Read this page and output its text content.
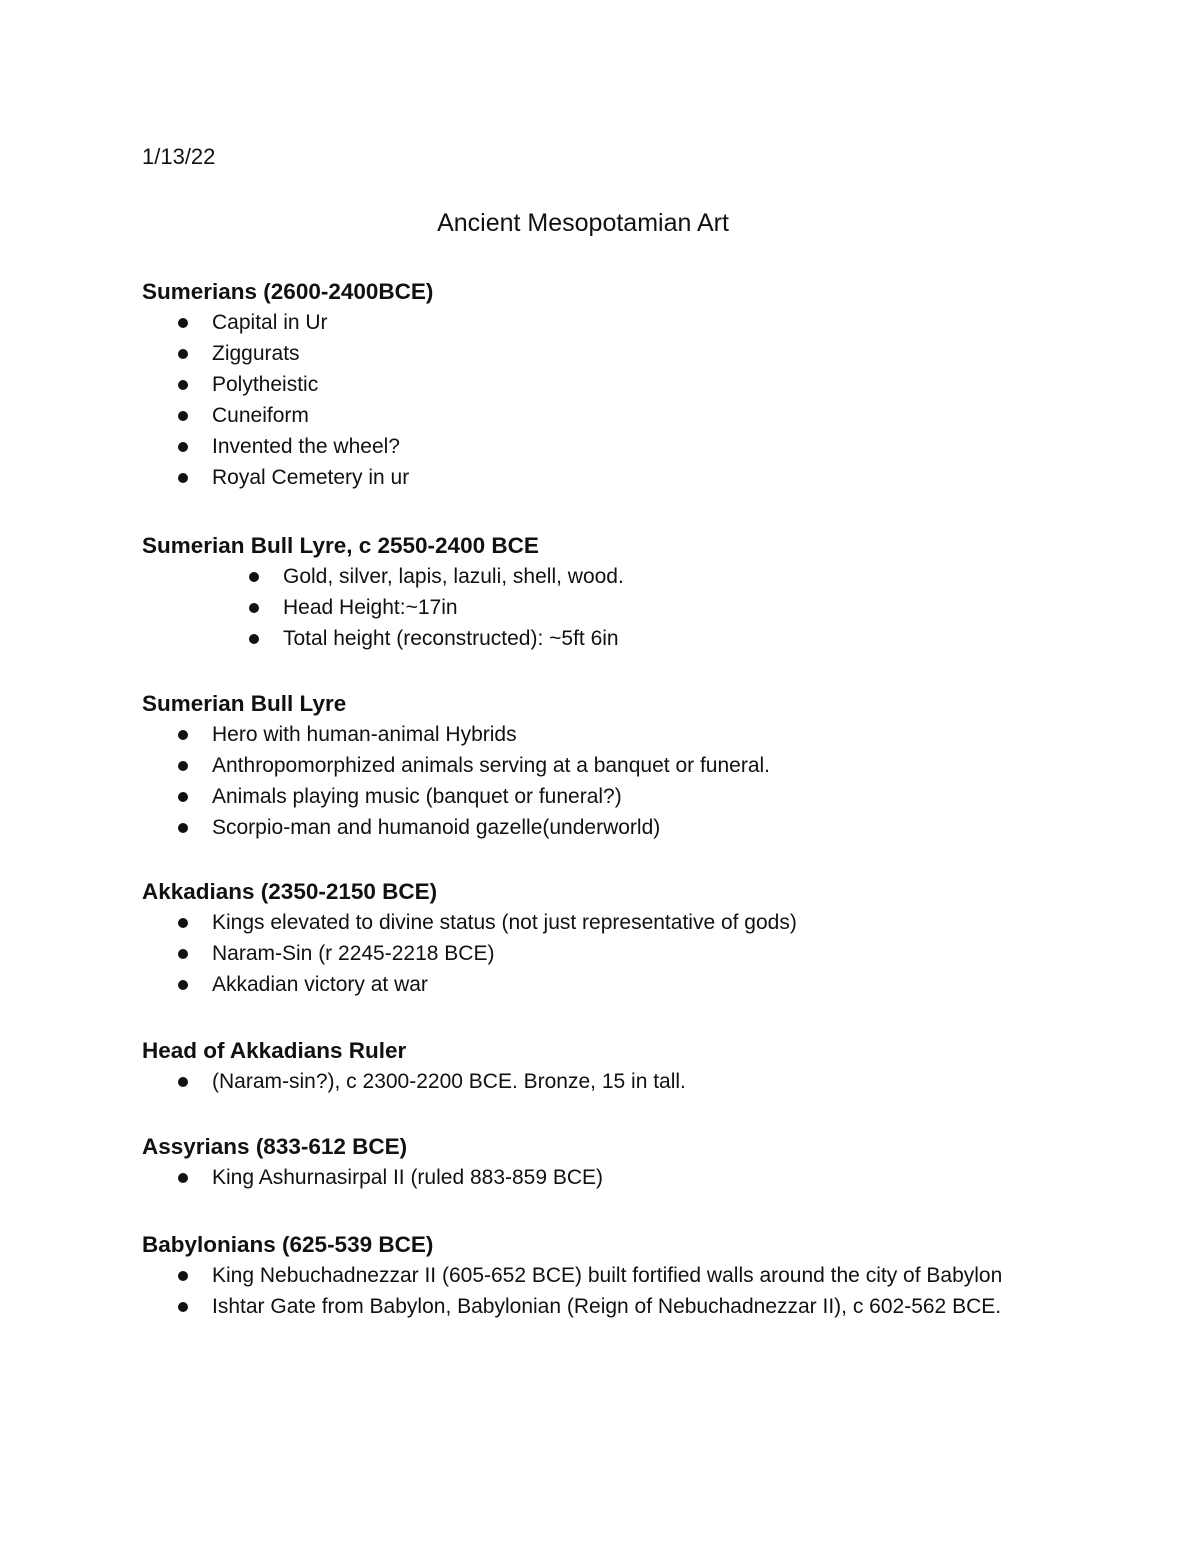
1/13/22
Ancient Mesopotamian Art

Sumerians (2600-2400BCE)

Capital in Ur
Ziggurats
Polytheistic
Cuneiform
Invented the wheel?
Royal Cemetery in ur

Sumerian Bull Lyre, c 2550-2400 BCE

Gold, silver, lapis, lazuli, shell, wood.
Head Height:~17in
Total height (reconstructed): ~5ft 6in

Sumerian Bull Lyre

Hero with human-animal Hybrids
Anthropomorphized animals serving at a banquet or funeral.
Animals playing music (banquet or funeral?)
Scorpio-man and humanoid gazelle(underworld)

Akkadians (2350-2150 BCE)

Kings elevated to divine status (not just representative of gods)
Naram-Sin (r 2245-2218 BCE)
Akkadian victory at war

Head of Akkadians Ruler

(Naram-sin?), c 2300-2200 BCE. Bronze, 15 in tall.

Assyrians (833-612 BCE)

King Ashurnasirpal II (ruled 883-859 BCE)

Babylonians (625-539 BCE)

King Nebuchadnezzar II (605-652 BCE) built fortified walls around the city of Babylon
Ishtar Gate from Babylon, Babylonian (Reign of Nebuchadnezzar II), c 602-562 BCE.
